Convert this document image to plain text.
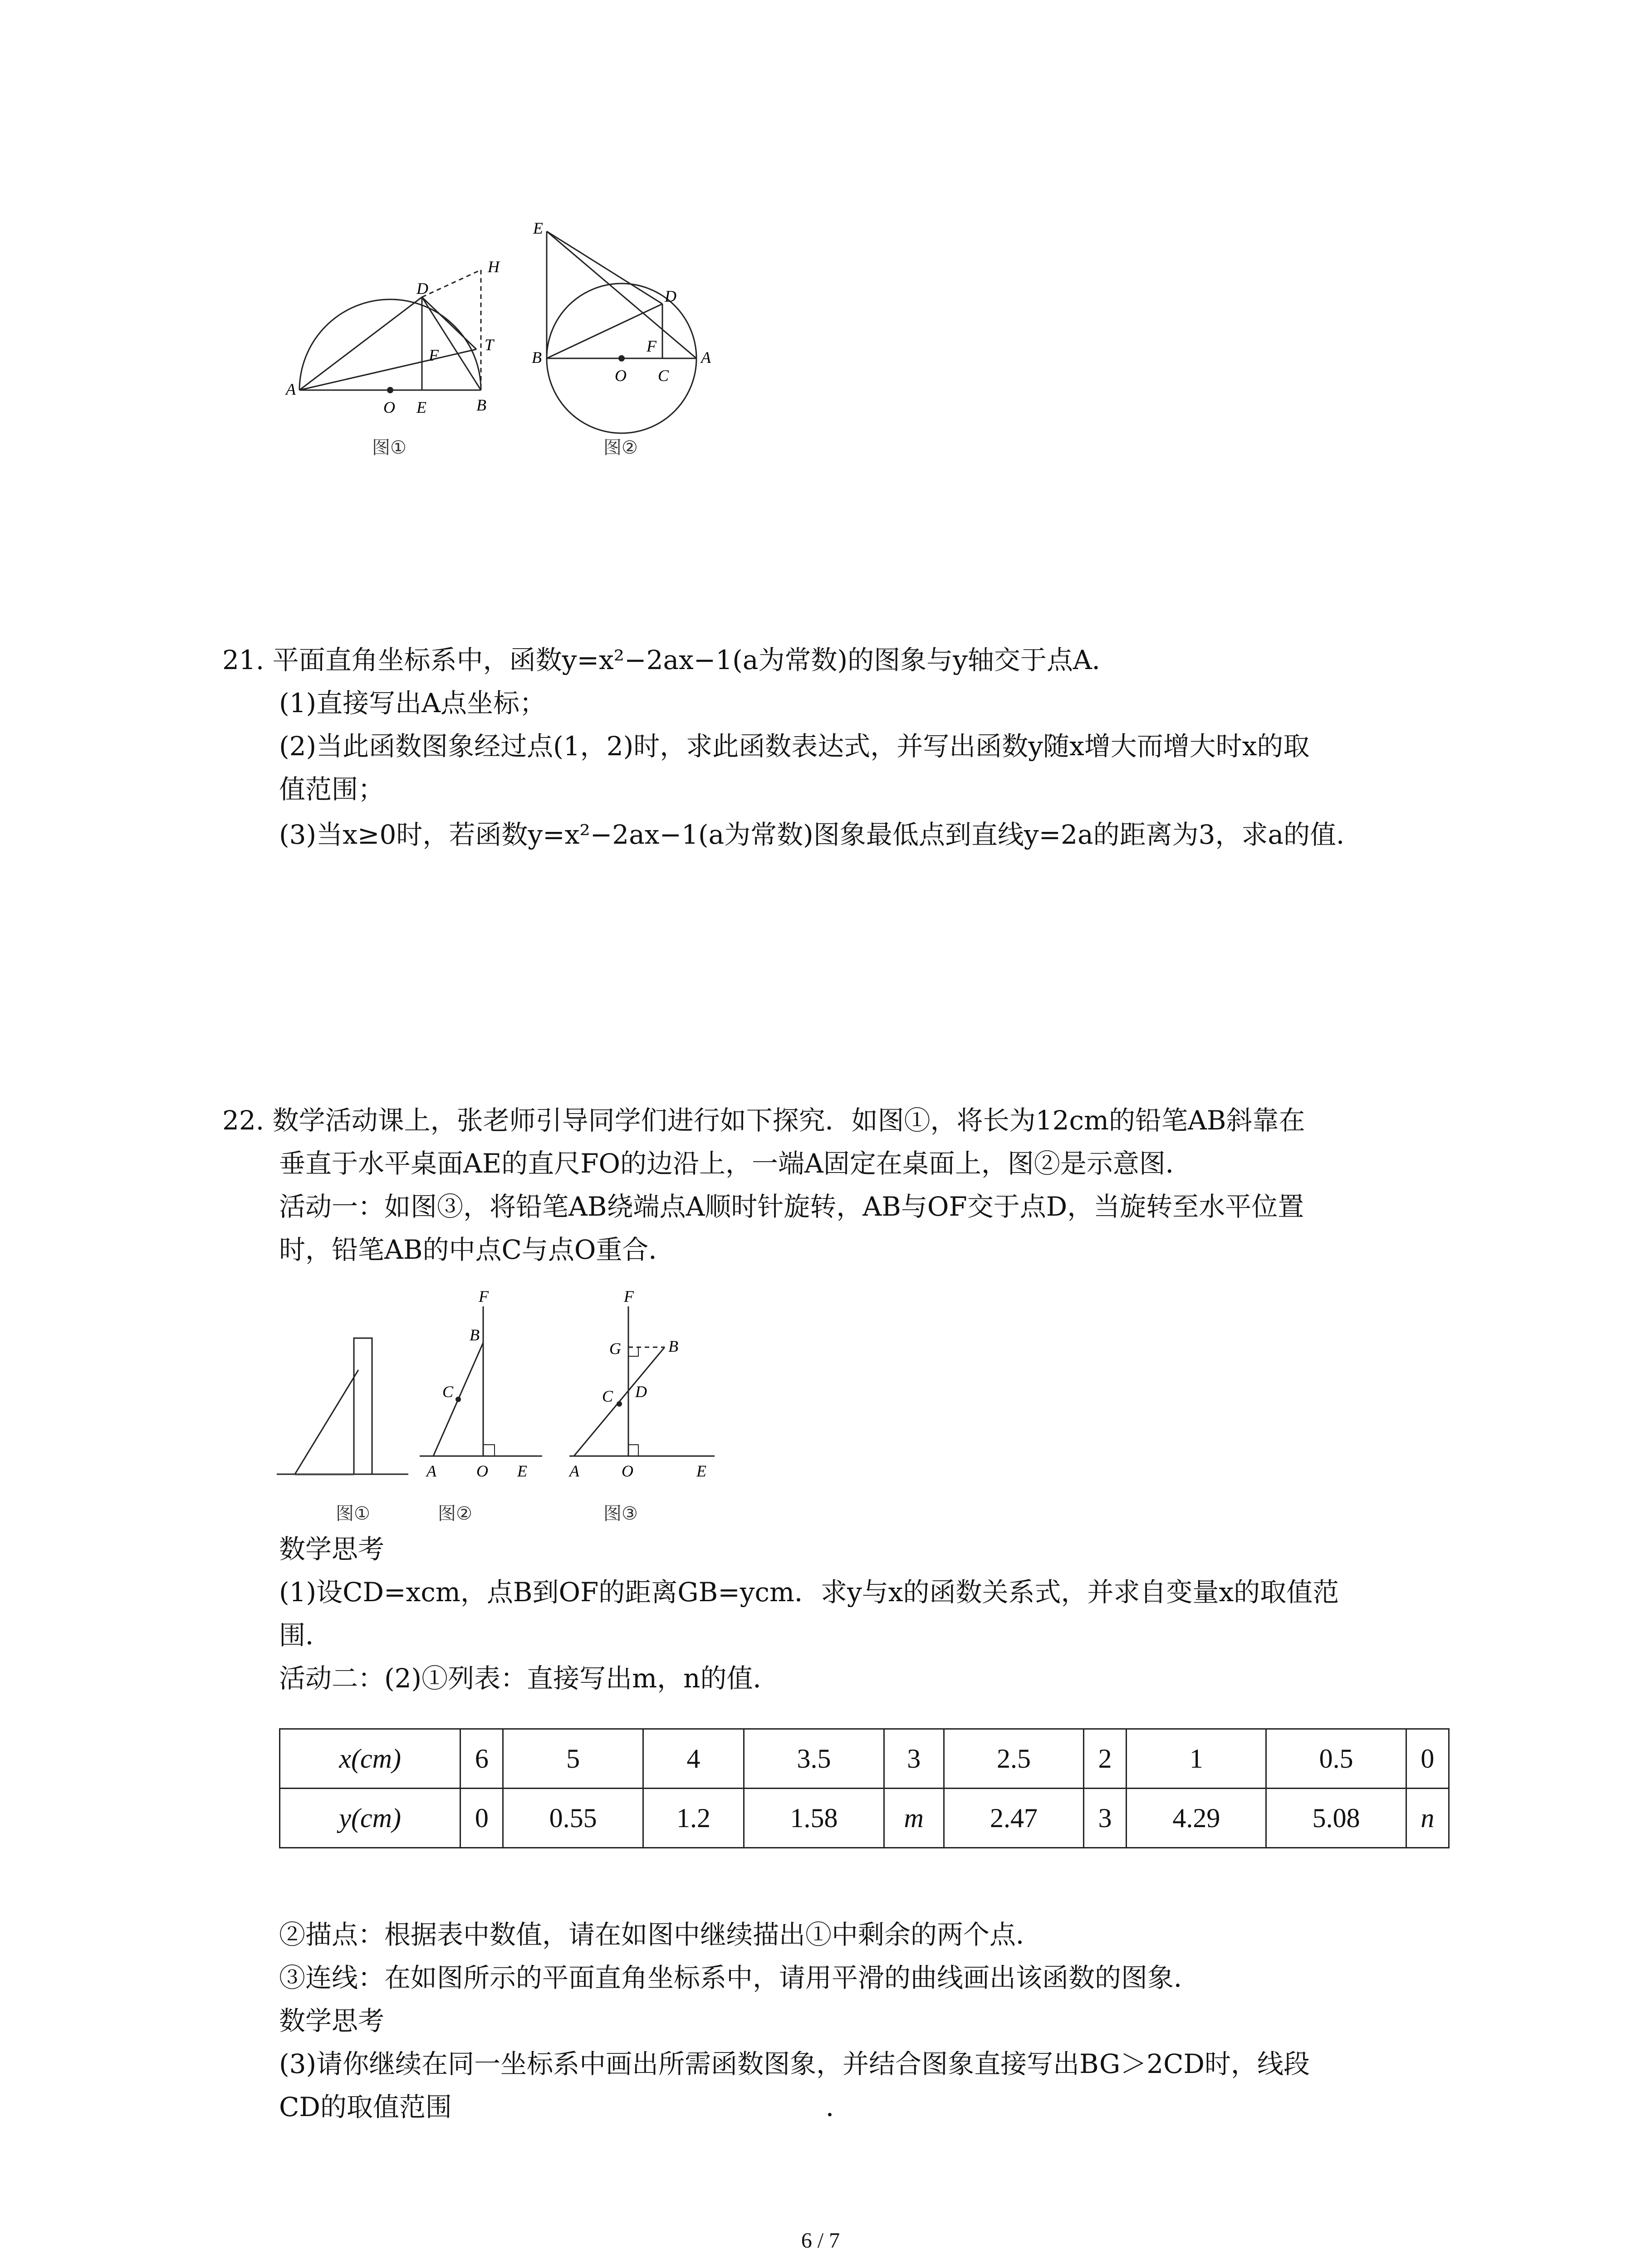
A
O E	B
D
H
F
T
图①
E
D
B
O
F
C
A
图②
21. 平面直角坐标系中，函数y=x²−2ax−1(a为常数)的图象与y轴交于点A．
(1)直接写出A点坐标；
(2)当此函数图象经过点(1，2)时，求此函数表达式，并写出函数y随x增大而增大时x的取
值范围；
(3)当x≥0时，若函数y=x²−2ax−1(a为常数)图象最低点到直线y=2a的距离为3，求a的值．
22. 数学活动课上，张老师引导同学们进行如下探究．如图①，将长为12cm的铅笔AB斜靠在
垂直于水平桌面AE的直尺FO的边沿上，一端A固定在桌面上，图②是示意图．
活动一：如图③，将铅笔AB绕端点A顺时针旋转，AB与OF交于点D，当旋转至水平位置
时，铅笔AB的中点C与点O重合．
图①
F
B
C
A O E
图②
F
G	B
D
C
A	O	E
图③
数学思考
(1)设CD=xcm，点B到OF的距离GB=ycm．求y与x的函数关系式，并求自变量x的取值范
围．
活动二：(2)①列表：直接写出m，n的值．
x(cm)	6	5	4	3.5	3	2.5	2	1	0.5	0
y(cm)	0	0.55	1.2	1.58	m	2.47	3	4.29	5.08	n
②描点：根据表中数值，请在如图中继续描出①中剩余的两个点．
③连线：在如图所示的平面直角坐标系中，请用平滑的曲线画出该函数的图象．
数学思考
(3)请你继续在同一坐标系中画出所需函数图象，并结合图象直接写出BG＞2CD时，线段
CD的取值范围	．
6 / 7
